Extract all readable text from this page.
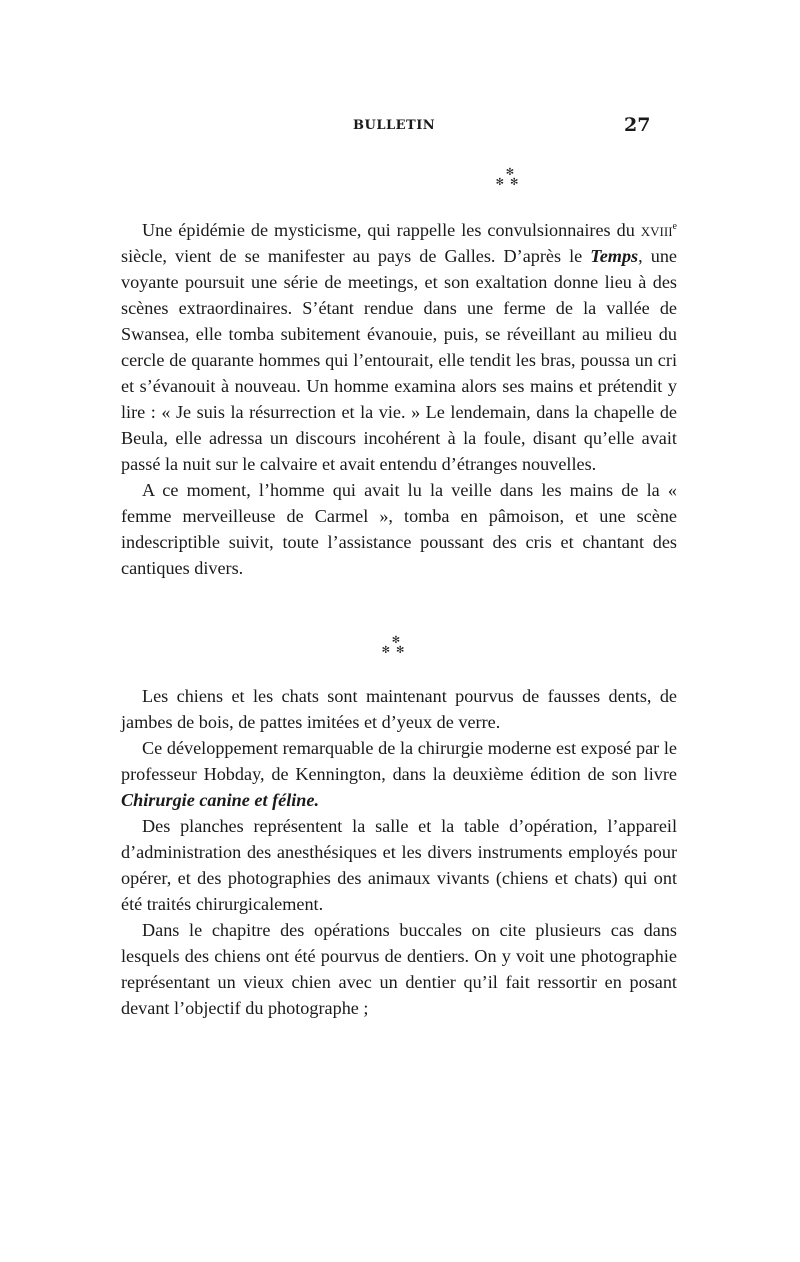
BULLETIN	27
✻
✻✻

Une épidémie de mysticisme, qui rappelle les convulsionnaires du xviii$^e$ siècle, vient de se manifester au pays de Galles. D’après le Temps, une voyante poursuit une série de meetings, et son exaltation donne lieu à des scènes extraordinaires. S’étant rendue dans une ferme de la vallée de Swansea, elle tomba subitement évanouie, puis, se réveillant au milieu du cercle de quarante hommes qui l’entourait, elle tendit les bras, poussa un cri et s’évanouit à nouveau. Un homme examina alors ses mains et prétendit y lire : « Je suis la résurrection et la vie. » Le lendemain, dans la chapelle de Beula, elle adressa un discours incohérent à la foule, disant qu’elle avait passé la nuit sur le calvaire et avait entendu d’étranges nouvelles.

A ce moment, l’homme qui avait lu la veille dans les mains de la « femme merveilleuse de Carmel », tomba en pâmoison, et une scène indescriptible suivit, toute l’assistance poussant des cris et chantant des cantiques divers.

✻
✻✻

Les chiens et les chats sont maintenant pourvus de fausses dents, de jambes de bois, de pattes imitées et d’yeux de verre.

Ce développement remarquable de la chirurgie moderne est exposé par le professeur Hobday, de Kennington, dans la deuxième édition de son livre Chirurgie canine et féline.

Des planches représentent la salle et la table d’opération, l’appareil d’administration des anesthésiques et les divers instruments employés pour opérer, et des photographies des animaux vivants (chiens et chats) qui ont été traités chirurgicalement.

Dans le chapitre des opérations buccales on cite plusieurs cas dans lesquels des chiens ont été pourvus de dentiers. On y voit une photographie représentant un vieux chien avec un dentier qu’il fait ressortir en posant devant l’objectif du photographe ;
